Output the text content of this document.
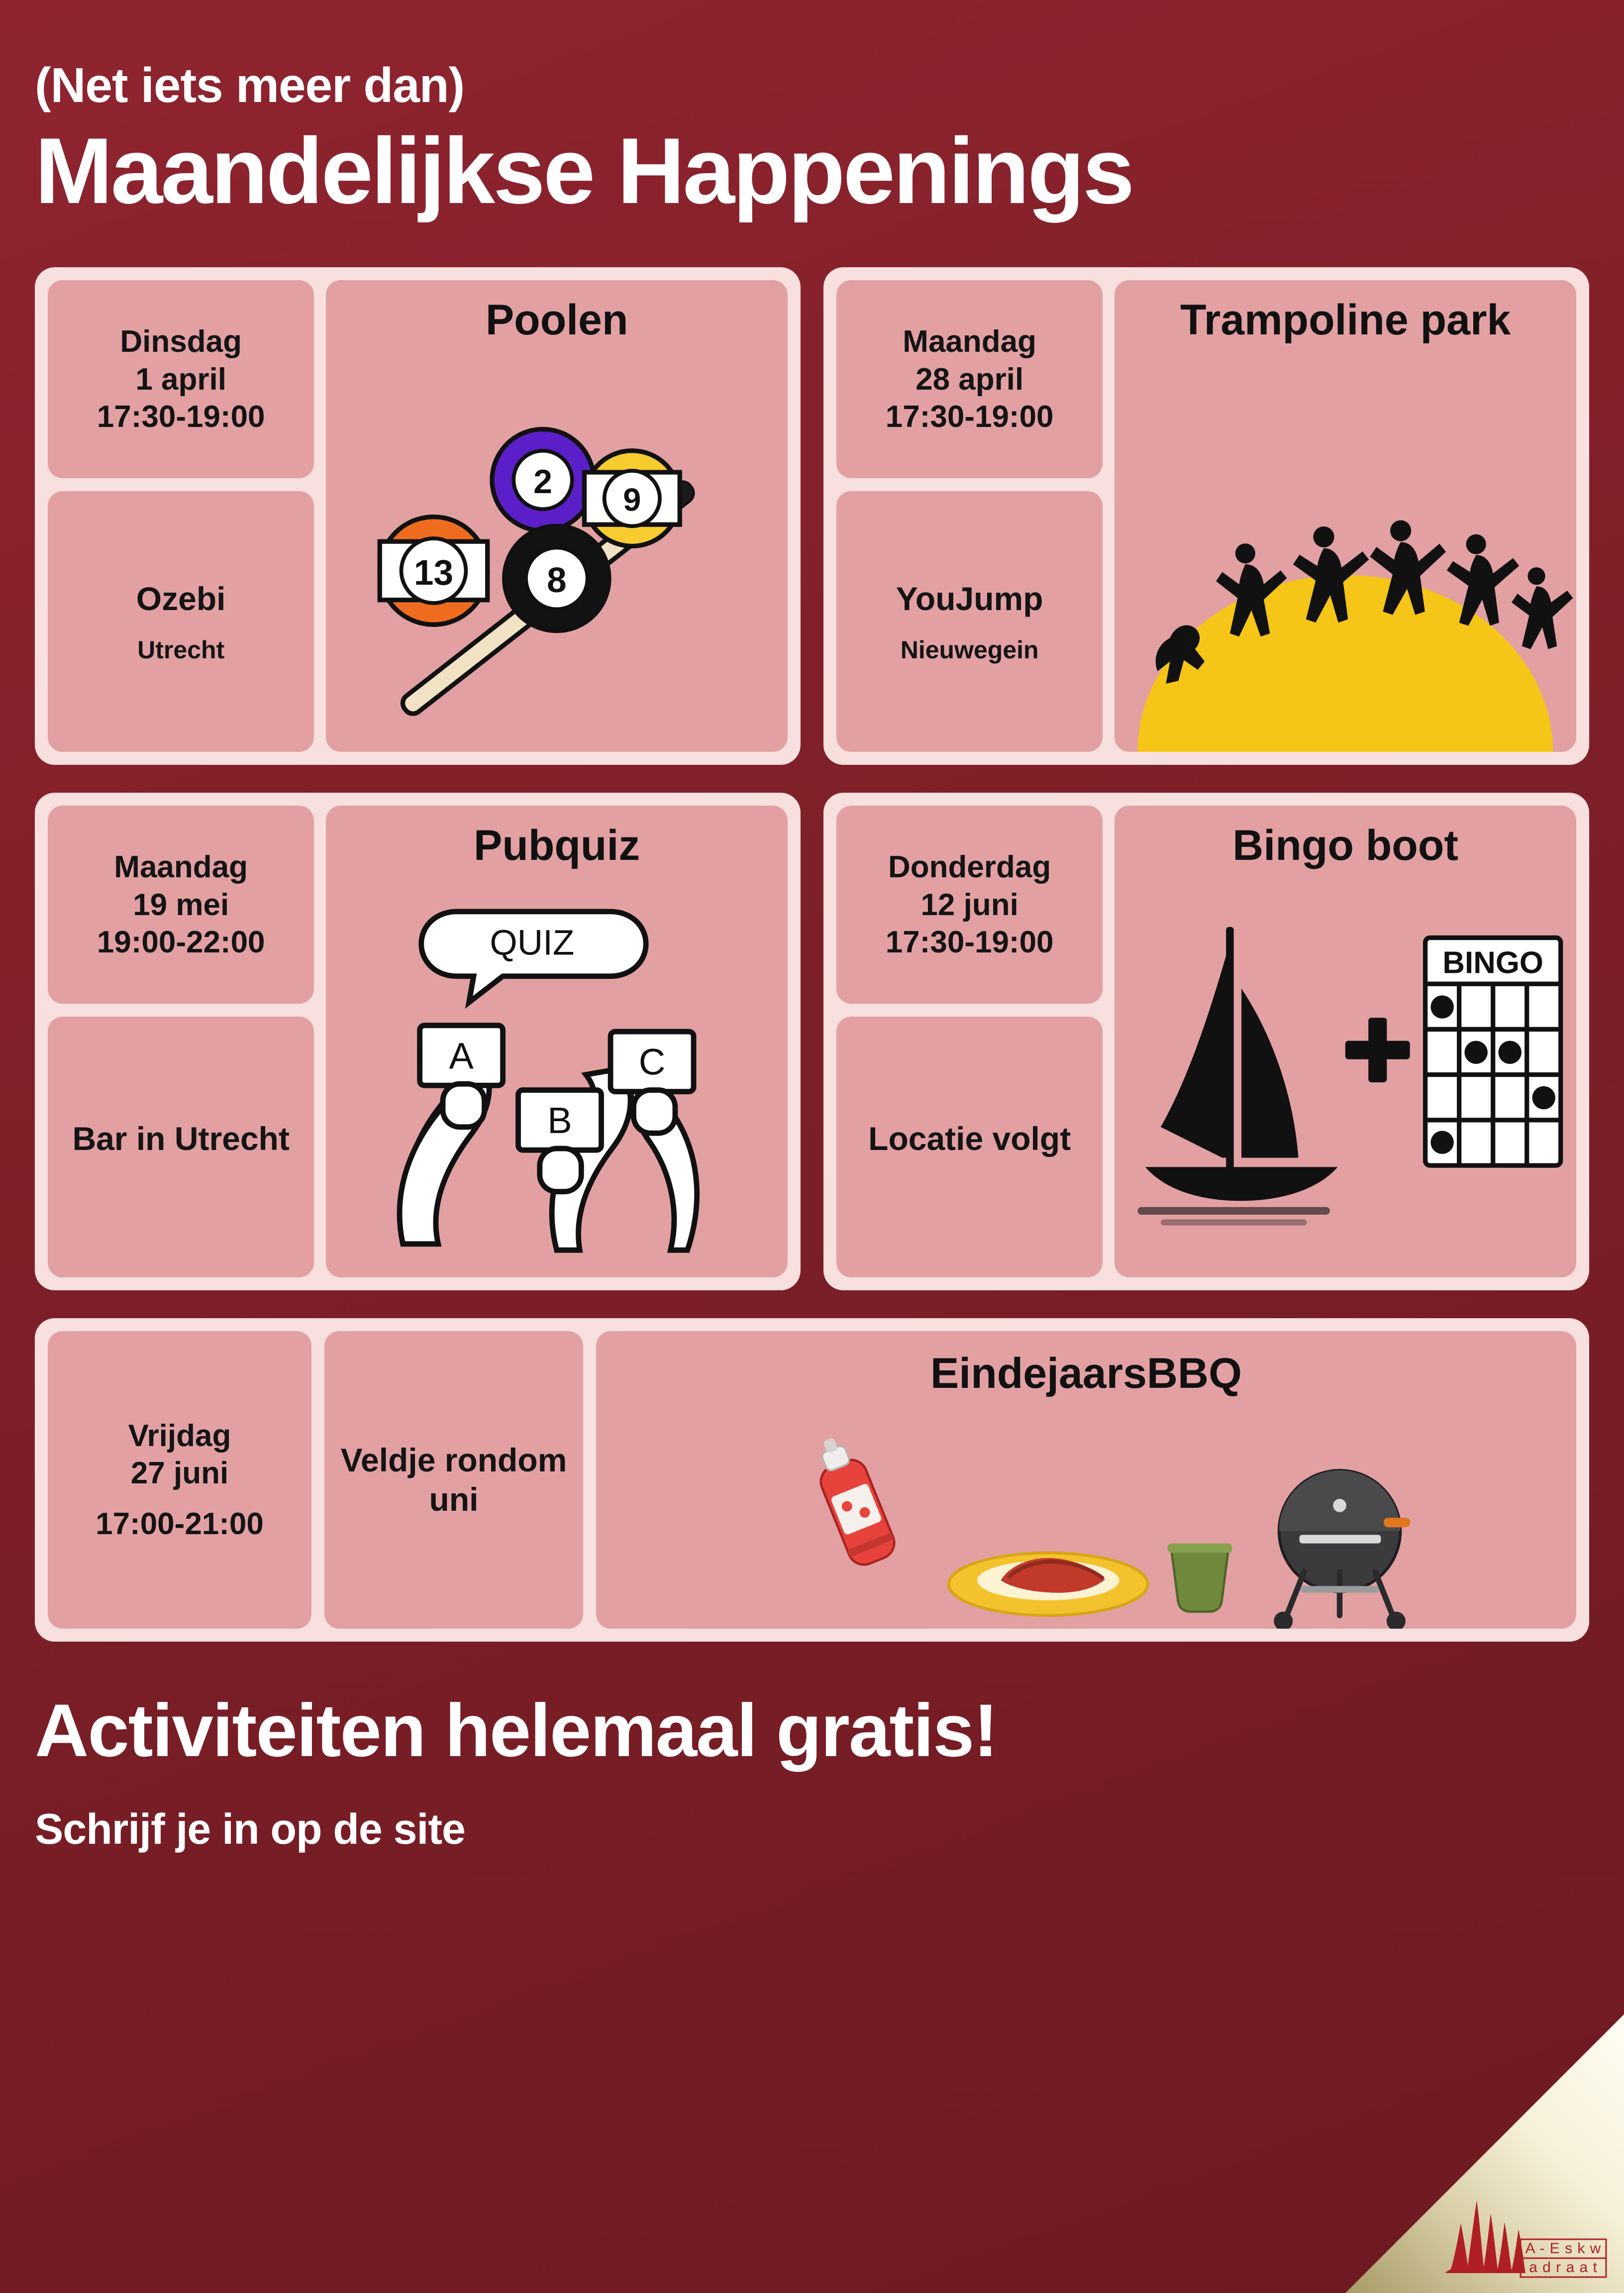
(Net iets meer dan)
Maandelijkse Happenings
Dinsdag
1 april
17:30-19:00
Ozebi
Utrecht
Poolen
13
2	9
8
Maandag
28 april
17:30-19:00
YouJump
Nieuwegein
Trampoline park
Maandag
19 mei
19:00-22:00
Bar in Utrecht
Pubquiz
QUIZ
A
B
C
Donderdag
12 juni
17:30-19:00
Locatie volgt
Bingo boot
BINGO
Vrijdag
27 juni
17:00-21:00
Veldje rondom uni
EindejaarsBBQ
Activiteiten helemaal gratis!
Schrijf je in op de site
A - E s k w
a d r a a t
